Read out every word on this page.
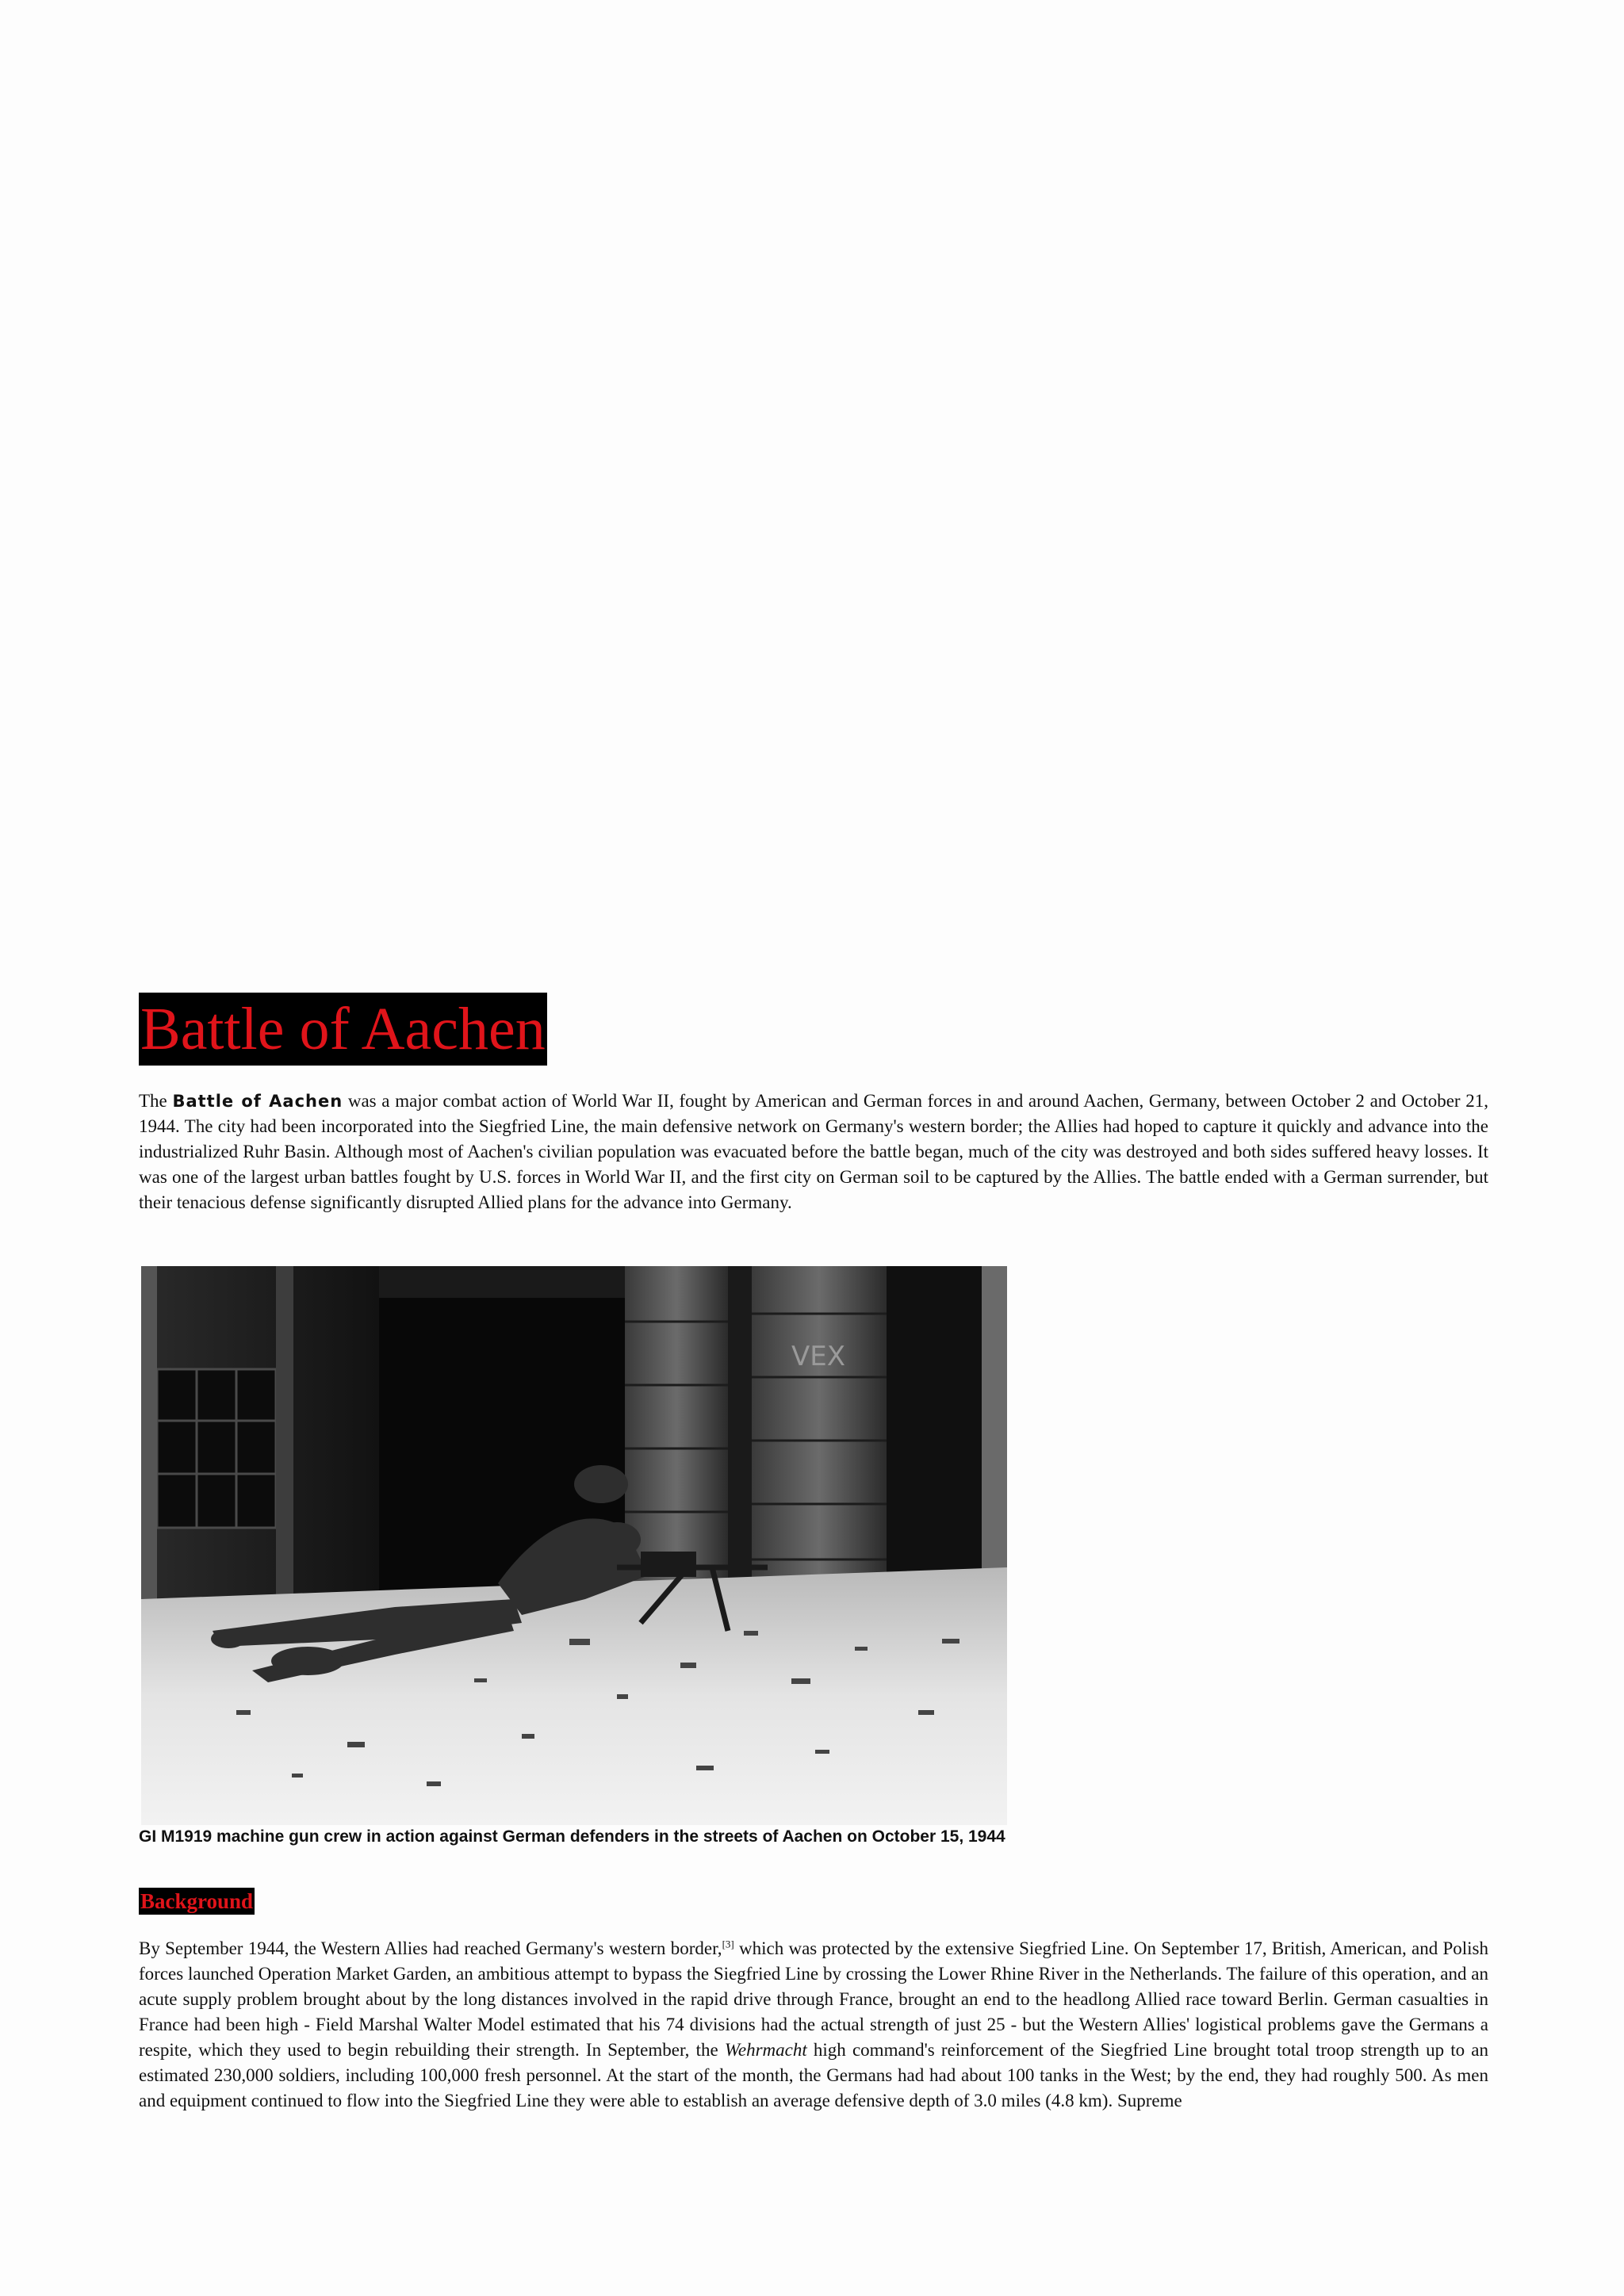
Battle of Aachen

The Battle of Aachen was a major combat action of World War II, fought by American and German forces in and around Aachen, Germany, between October 2 and October 21, 1944. The city had been incorporated into the Siegfried Line, the main defensive network on Germany's western border; the Allies had hoped to capture it quickly and advance into the industrialized Ruhr Basin. Although most of Aachen's civilian population was evacuated before the battle began, much of the city was destroyed and both sides suffered heavy losses. It was one of the largest urban battles fought by U.S. forces in World War II, and the first city on German soil to be captured by the Allies. The battle ended with a German surrender, but their tenacious defense significantly disrupted Allied plans for the advance into Germany.

VEX

GI M1919 machine gun crew in action against German defenders in the streets of Aachen on October 15, 1944

Background

By September 1944, the Western Allies had reached Germany's western border,[3] which was protected by the extensive Siegfried Line. On September 17, British, American, and Polish forces launched Operation Market Garden, an ambitious attempt to bypass the Siegfried Line by crossing the Lower Rhine River in the Netherlands. The failure of this operation, and an acute supply problem brought about by the long distances involved in the rapid drive through France, brought an end to the headlong Allied race toward Berlin. German casualties in France had been high - Field Marshal Walter Model estimated that his 74 divisions had the actual strength of just 25 - but the Western Allies' logistical problems gave the Germans a respite, which they used to begin rebuilding their strength. In September, the Wehrmacht high command's reinforcement of the Siegfried Line brought total troop strength up to an estimated 230,000 soldiers, including 100,000 fresh personnel. At the start of the month, the Germans had had about 100 tanks in the West; by the end, they had roughly 500. As men and equipment continued to flow into the Siegfried Line they were able to establish an average defensive depth of 3.0 miles (4.8 km). Supreme
